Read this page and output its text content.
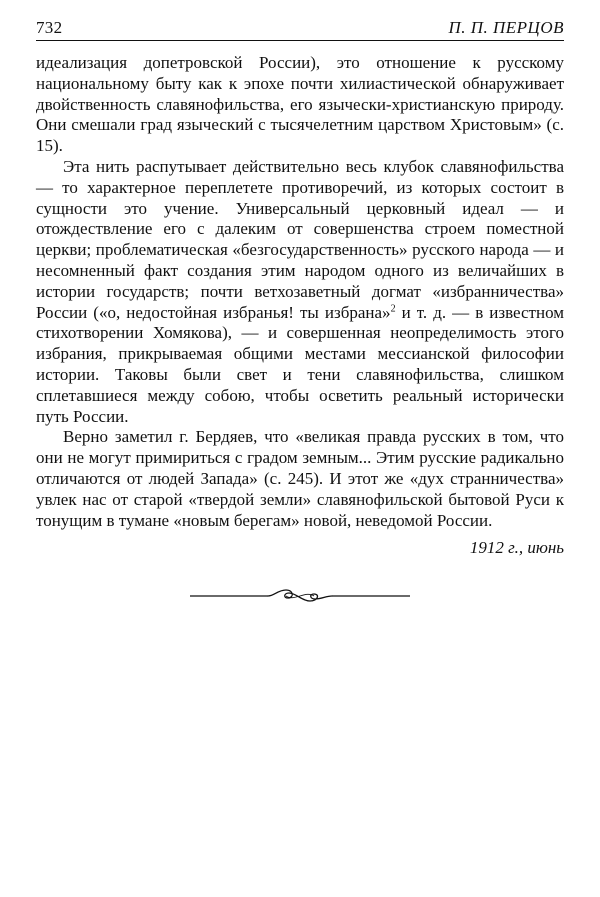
732	П. П. ПЕРЦОВ

идеализация допетровской России), это отношение к русскому национальному быту как к эпохе почти хилиастической обнаруживает двойственность славянофильства, его язычески-христианскую природу. Они смешали град языческий с тысячелетним царством Христовым» (с. 15).

Эта нить распутывает действительно весь клубок славянофильства — то характерное переплетете противоречий, из которых состоит в сущности это учение. Универсальный церковный идеал — и отождествление его с далеким от совершенства строем поместной церкви; проблематическая «безгосударственность» русского народа — и несомненный факт создания этим народом одного из величайших в истории государств; почти ветхозаветный догмат «избранничества» России («о, недостойная избранья! ты избрана»$^2$ и т. д. — в известном стихотворении Хомякова), — и совершенная неопределимость этого избрания, прикрываемая общими местами мессианской философии истории. Таковы были свет и тени славянофильства, слишком сплетавшиеся между собою, чтобы осветить реальный исторически путь России.

Верно заметил г. Бердяев, что «великая правда русских в том, что они не могут примириться с градом земным... Этим русские радикально отличаются от людей Запада» (с. 245). И этот же «дух странничества» увлек нас от старой «твердой земли» славянофильской бытовой Руси к тонущим в тумане «новым берегам» новой, неведомой России.

1912 г., июнь
